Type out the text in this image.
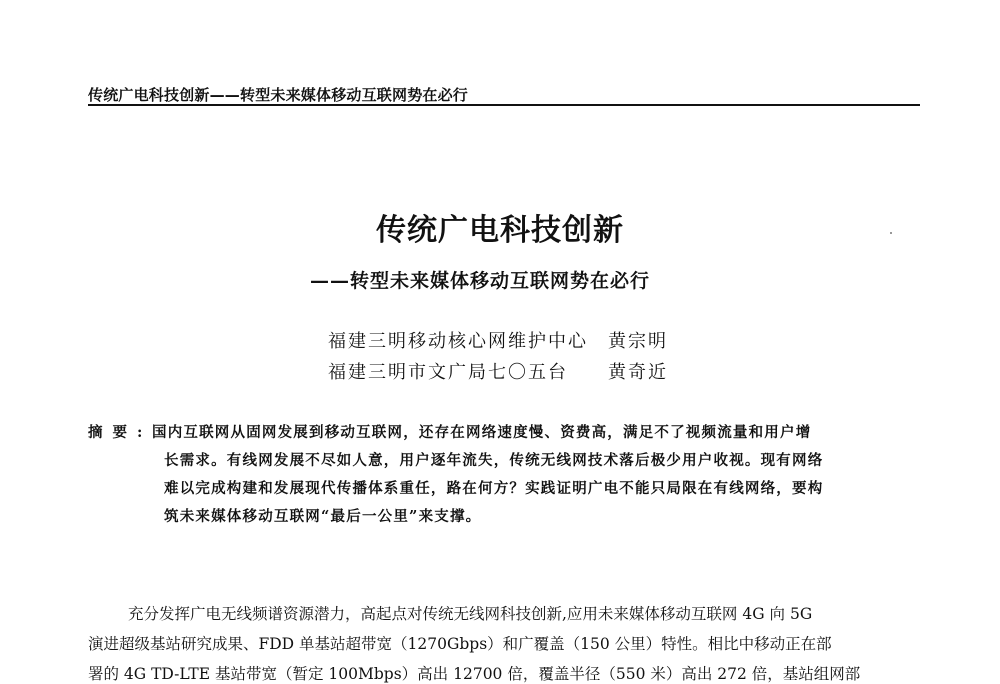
传统广电科技创新——转型未来媒体移动互联网势在必行
传统广电科技创新
——转型未来媒体移动互联网势在必行
福建三明移动核心网维护中心 黄宗明
福建三明市文广局七〇五台 黄奇近
摘要: 国内互联网从固网发展到移动互联网，还存在网络速度慢、资费高，满足不了视频流量和用户增
长需求。有线网发展不尽如人意，用户逐年流失，传统无线网技术落后极少用户收视。现有网络
难以完成构建和发展现代传播体系重任，路在何方？实践证明广电不能只局限在有线网络，要构
筑未来媒体移动互联网“最后一公里”来支撑。
充分发挥广电无线频谱资源潜力，高起点对传统无线网科技创新,应用未来媒体移动互联网 4G 向 5G
演进超级基站研究成果、FDD 单基站超带宽（1270Gbps）和广覆盖（150 公里）特性。相比中移动正在部
署的 4G TD-LTE 基站带宽（暂定 100Mbps）高出 12700 倍，覆盖半径（550 米）高出 272 倍，基站组网部
